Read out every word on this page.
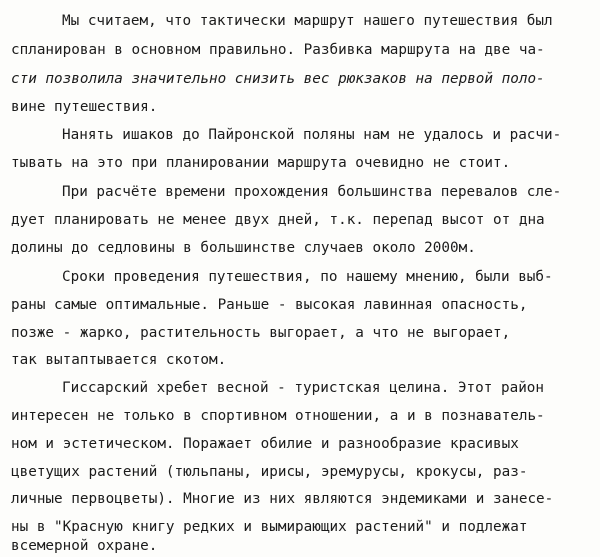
Мы считаем, что тактически маршрут нашего путешествия был
спланирован в основном правильно. Разбивка маршрута на две ча-
сти позволила значительно снизить вес рюкзаков на первой поло-
вине путешествия.
Нанять ишаков до Пайронской поляны нам не удалось и расчи-
тывать на это при планировании маршрута очевидно не стоит.
При расчёте времени прохождения большинства перевалов сле-
дует планировать не менее двух дней, т.к. перепад высот от дна
долины до седловины в большинстве случаев около 2000м.
Сроки проведения путешествия, по нашему мнению, были выб-
раны самые оптимальные. Раньше - высокая лавинная опасность,
позже - жарко, растительность выгорает, а что не выгорает,
так вытаптывается скотом.
Гиссарский хребет весной - туристская целина. Этот район
интересен не только в спортивном отношении, а и в познаватель-
ном и эстетическом. Поражает обилие и разнообразие красивых
цветущих растений (тюльпаны, ирисы, эремурусы, крокусы, раз-
личные первоцветы). Многие из них являются эндемиками и занесе-
ны в "Красную книгу редких и вымирающих растений" и подлежат
всемерной охране.
